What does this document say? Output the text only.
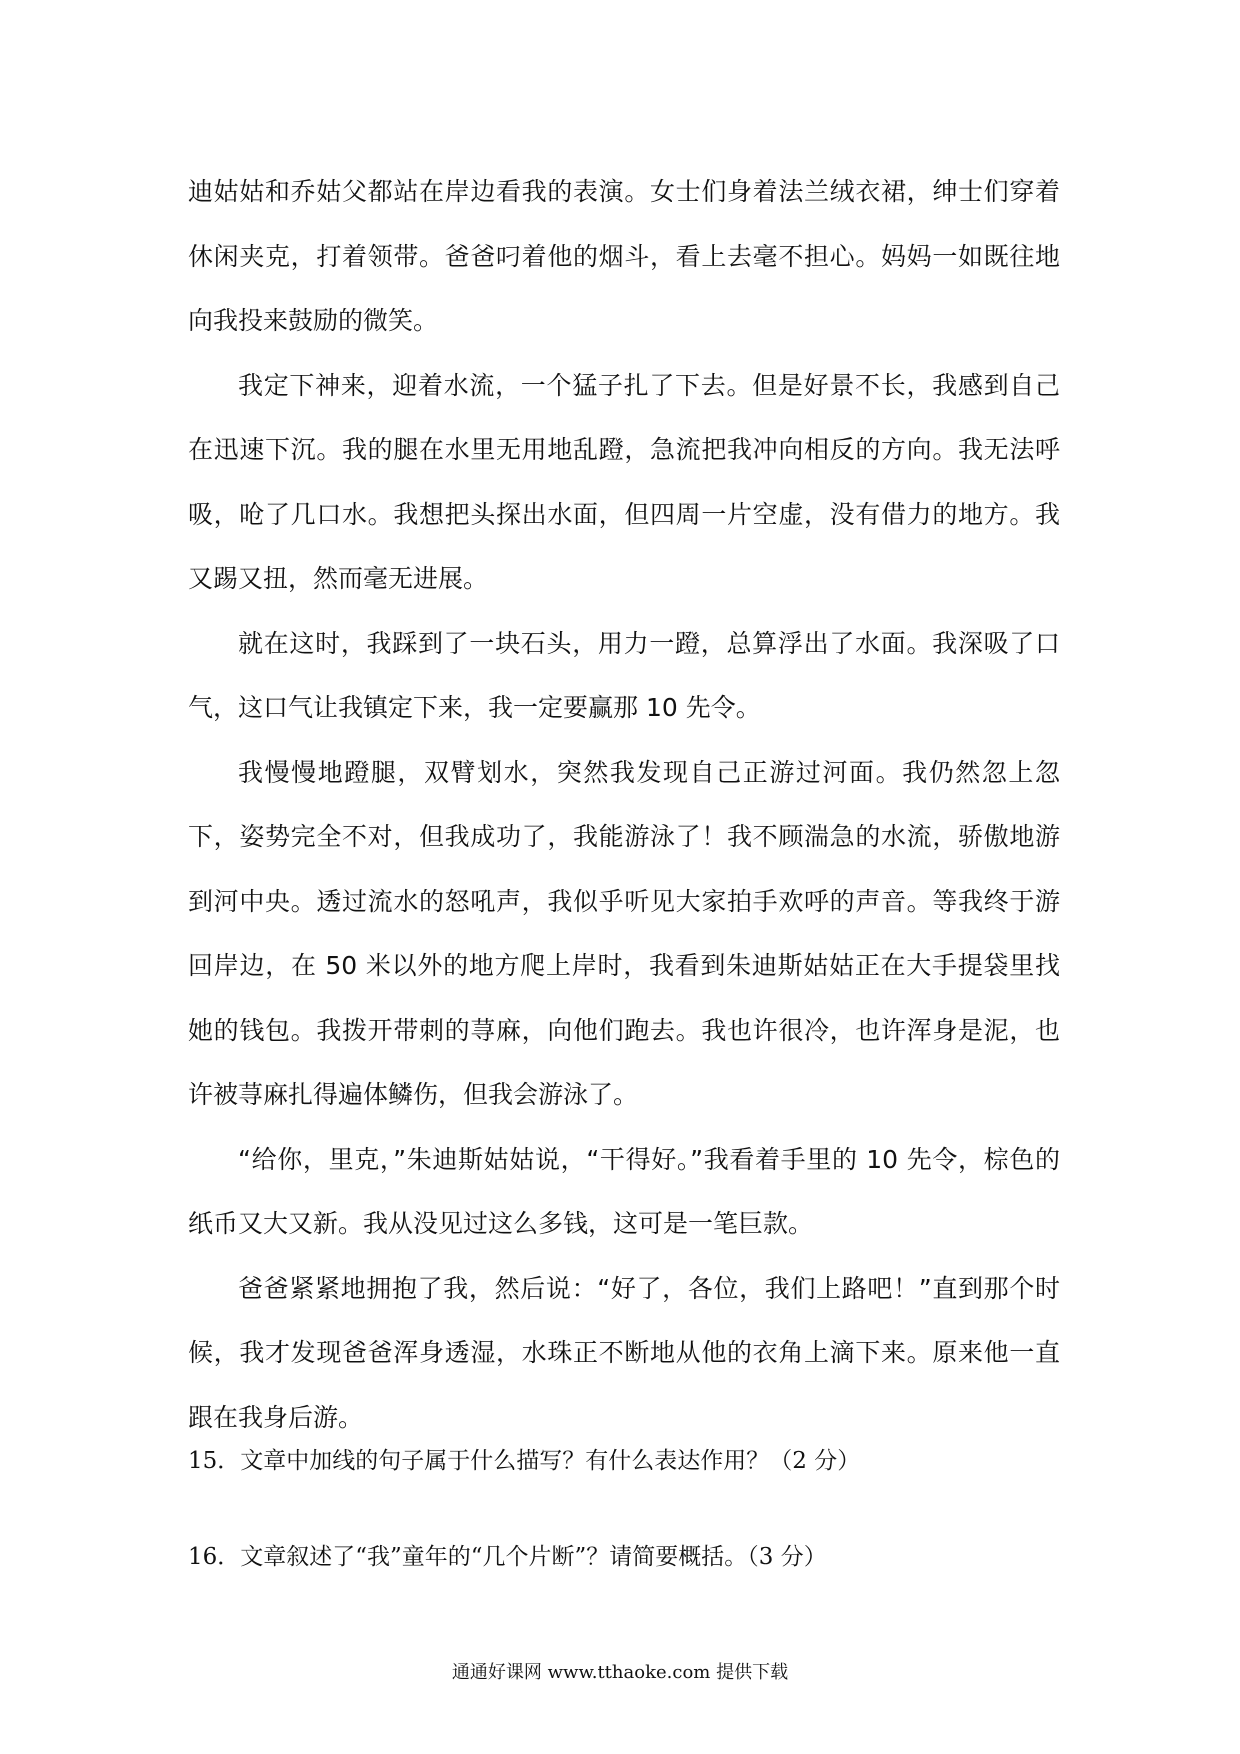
迪姑姑和乔姑父都站在岸边看我的表演。女士们身着法兰绒衣裙，绅士们穿着休闲夹克，打着领带。爸爸叼着他的烟斗，看上去毫不担心。妈妈一如既往地向我投来鼓励的微笑。

我定下神来，迎着水流，一个猛子扎了下去。但是好景不长，我感到自己在迅速下沉。我的腿在水里无用地乱蹬，急流把我冲向相反的方向。我无法呼吸，呛了几口水。我想把头探出水面，但四周一片空虚，没有借力的地方。我又踢又扭，然而毫无进展。

就在这时，我踩到了一块石头，用力一蹬，总算浮出了水面。我深吸了口气，这口气让我镇定下来，我一定要赢那 10 先令。

我慢慢地蹬腿，双臂划水，突然我发现自己正游过河面。我仍然忽上忽下，姿势完全不对，但我成功了，我能游泳了！我不顾湍急的水流，骄傲地游到河中央。透过流水的怒吼声，我似乎听见大家拍手欢呼的声音。等我终于游回岸边，在 50 米以外的地方爬上岸时，我看到朱迪斯姑姑正在大手提袋里找她的钱包。我拨开带刺的荨麻，向他们跑去。我也许很冷，也许浑身是泥，也许被荨麻扎得遍体鳞伤，但我会游泳了。

“给你，里克，”朱迪斯姑姑说，“干得好。”我看着手里的 10 先令，棕色的纸币又大又新。我从没见过这么多钱，这可是一笔巨款。

爸爸紧紧地拥抱了我，然后说：“好了，各位，我们上路吧！”直到那个时候，我才发现爸爸浑身透湿，水珠正不断地从他的衣角上滴下来。原来他一直跟在我身后游。

15．文章中加线的句子属于什么描写？有什么表达作用？（2 分）
16．文章叙述了“我”童年的“几个片断”？请简要概括。（3 分）
通通好课网 www.tthaoke.com 提供下载
